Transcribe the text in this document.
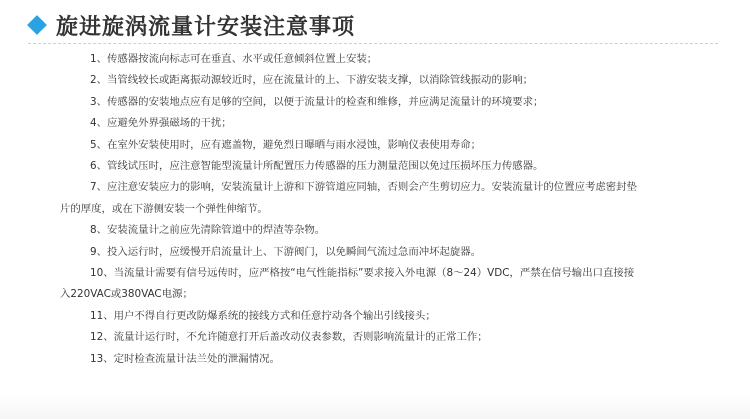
旋进旋涡流量计安装注意事项
1、传感器按流向标志可在垂直、水平或任意倾斜位置上安装；
2、当管线较长或距离振动源较近时，应在流量计的上、下游安装支撑，以消除管线振动的影响；
3、传感器的安装地点应有足够的空间，以便于流量计的检查和维修，并应满足流量计的环境要求；
4、应避免外界强磁场的干扰；
5、在室外安装使用时，应有遮盖物，避免烈日曝晒与雨水浸蚀，影响仪表使用寿命；
6、管线试压时，应注意智能型流量计所配置压力传感器的压力测量范围以免过压损坏压力传感器。
7、应注意安装应力的影响，安装流量计上游和下游管道应同轴，否则会产生剪切应力。安装流量计的位置应考虑密封垫
片的厚度，或在下游侧安装一个弹性伸缩节。
8、安装流量计之前应先清除管道中的焊渣等杂物。
9、投入运行时，应缓慢开启流量计上、下游阀门，以免瞬间气流过急而冲坏起旋器。
10、当流量计需要有信号远传时，应严格按“电气性能指标”要求接入外电源（8～24）VDC，严禁在信号输出口直接接
入220VAC或380VAC电源；
11、用户不得自行更改防爆系统的接线方式和任意拧动各个输出引线接头；
12、流量计运行时，不允许随意打开后盖改动仪表参数，否则影响流量计的正常工作；
13、定时检查流量计法兰处的泄漏情况。
